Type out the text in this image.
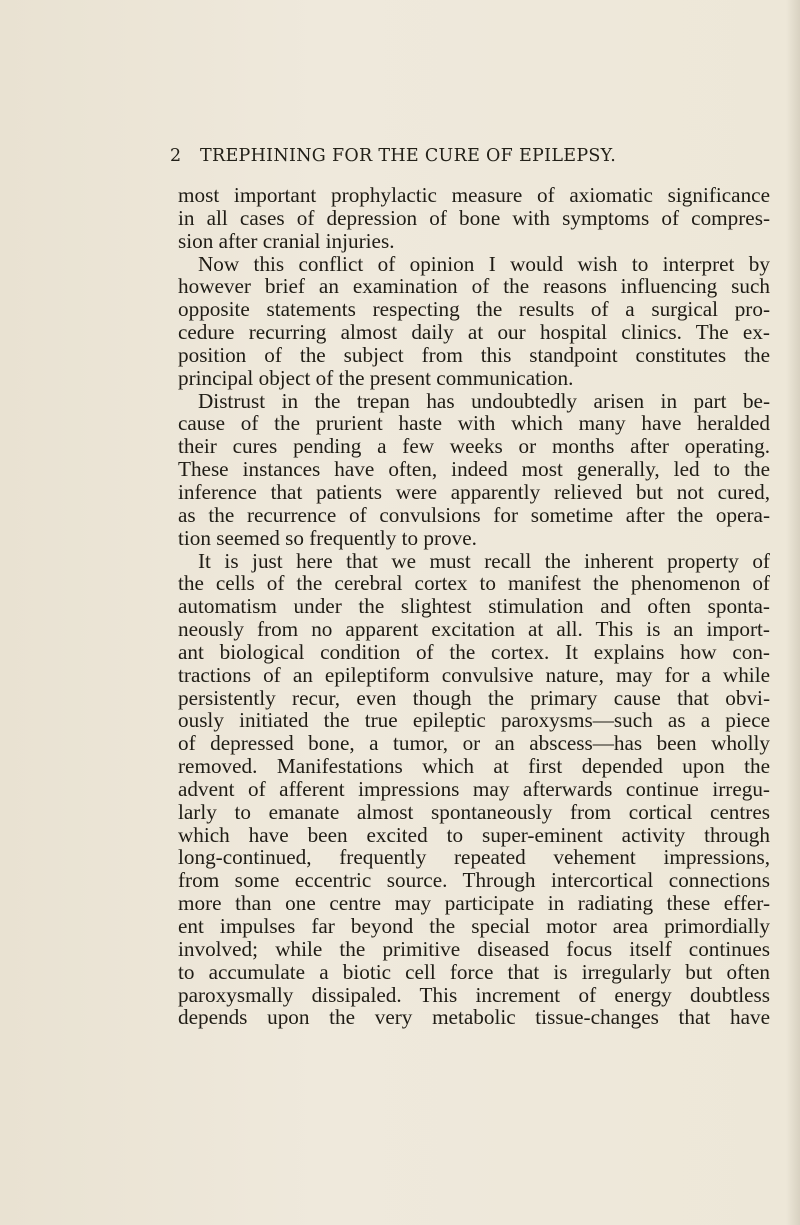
2 TREPHINING FOR THE CURE OF EPILEPSY.
most important prophylactic measure of axiomatic significance
in all cases of depression of bone with symptoms of compres-
sion after cranial injuries.
Now this conflict of opinion I would wish to interpret by
however brief an examination of the reasons influencing such
opposite statements respecting the results of a surgical pro-
cedure recurring almost daily at our hospital clinics. The ex-
position of the subject from this standpoint constitutes the
principal object of the present communication.
Distrust in the trepan has undoubtedly arisen in part be-
cause of the prurient haste with which many have heralded
their cures pending a few weeks or months after operating.
These instances have often, indeed most generally, led to the
inference that patients were apparently relieved but not cured,
as the recurrence of convulsions for sometime after the opera-
tion seemed so frequently to prove.
It is just here that we must recall the inherent property of
the cells of the cerebral cortex to manifest the phenomenon of
automatism under the slightest stimulation and often sponta-
neously from no apparent excitation at all. This is an import-
ant biological condition of the cortex. It explains how con-
tractions of an epileptiform convulsive nature, may for a while
persistently recur, even though the primary cause that obvi-
ously initiated the true epileptic paroxysms—such as a piece
of depressed bone, a tumor, or an abscess—has been wholly
removed. Manifestations which at first depended upon the
advent of afferent impressions may afterwards continue irregu-
larly to emanate almost spontaneously from cortical centres
which have been excited to super-eminent activity through
long-continued, frequently repeated vehement impressions,
from some eccentric source. Through intercortical connections
more than one centre may participate in radiating these effer-
ent impulses far beyond the special motor area primordially
involved; while the primitive diseased focus itself continues
to accumulate a biotic cell force that is irregularly but often
paroxysmally dissipaled. This increment of energy doubtless
depends upon the very metabolic tissue-changes that have
